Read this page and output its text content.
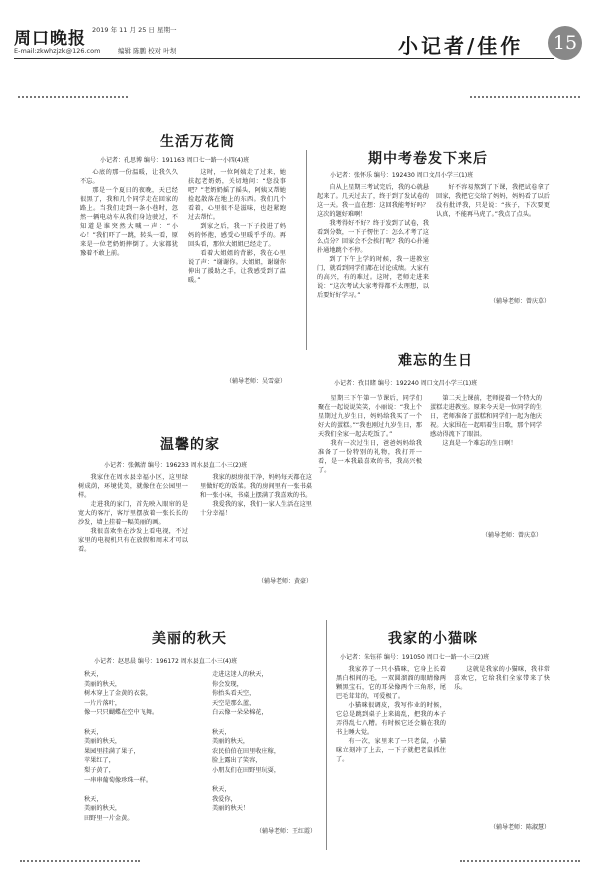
周口晚报 2019 年 11 月 25 日 星期一
E-mail:zkwhzjzk@126.com	编辑 陈鹏 校对 叶坝	小记者/佳作 15
生活万花筒
小记者：孔思博 编号：191163 周口七一路一小四(4)班

心底的那一份温暖，让我久久不忘。

那是一个夏日的夜晚，天已经很黑了，我和几个同学走在回家的路上。当我们走到一条小巷时，忽然一辆电动车从我们身边驶过，不知道是谁突然大喊一声：“小心！”我们吓了一跳，转头一看，原来是一位老奶奶摔倒了。大家都犹豫着不敢上前。

这时，一位阿姨走了过来，她扶起老奶奶，关切地问：“您没事吧？”老奶奶摇了摇头，阿姨又帮她捡起散落在地上的东西。我们几个看着，心里很不是滋味，也赶紧跑过去帮忙。

到家之后，我一下子投进了妈妈的怀抱，感受心里暖乎乎的。再回头看，那位大姐姐已经走了。

看着大姐姐的背影，我在心里说了声：“谢谢你。大姐姐，谢谢你伸出了援助之手，让我感受到了温暖。”

（辅导老师：吴雪豪）
期中考卷发下来后
小记者：张怀乐 编号：192430 周口文昌小学三(1)班

自从上星期三考试完后，我的心就悬起来了。几天过去了，终于到了发试卷的这一天。我一直在想：这回我能考好吗？这次的题好难啊！

我考得好不好？终于发到了试卷，我看到分数，一下子愣住了：怎么才考了这么点分？回家会不会挨打呢？我的心扑通扑通地跳个不停。

到了下午上学的时候，我一进教室门，就看到同学们都在讨论成绩。大家有的高兴，有的难过。这时，老师走进来说：“这次考试大家考得都不太理想，以后要好好学习。”

好不容易熬到了下课，我把试卷拿了回家，我把它交给了妈妈，妈妈看了以后没有批评我，只是说：“孩子，下次要更认真，不能再马虎了。”我点了点头。

（辅导老师：曾庆草）
难忘的生日
小记者：孜目睹 编号：192240 周口文昌小学三(1)班

星期三下午第一节课后，同学们聚在一起说说笑笑，小丽说：“我上个星期过九岁生日，妈妈给我买了一个好大的蛋糕。”“我也刚过九岁生日，那天我们全家一起去吃饭了。”

我有一次过生日，爸爸妈妈给我准备了一份特别的礼物，我打开一看，是一本我最喜欢的书，我高兴极了。

第二天上课前，老师提着一个特大的蛋糕走进教室。原来今天是一位同学的生日，老师准备了蛋糕和同学们一起为他庆祝。大家围在一起唱着生日歌，那个同学感动得流下了眼泪。

这真是一个难忘的生日啊！

（辅导老师：曾庆草）
温馨的家
小记者：张佩清 编号：196233 周水县直二小三(2)班

我家住在周水县幸福小区，这里绿树成荫，环境优美，就像住在公园里一样。

走进我的家门，首先映入眼帘的是宽大的客厅，客厅里摆放着一张长长的沙发，墙上挂着一幅美丽的画。

我很喜欢坐在沙发上看电视，不过家里的电视机只有在放假和周末才可以看。

我家的厨房很干净，妈妈每天都在这里做好吃的饭菜。我的房间里有一张书桌和一张小床，书桌上摆满了我喜欢的书。

我爱我的家，我们一家人生活在这里十分幸福！

（辅导老师：黄豪）
美丽的秋天
小记者：赵思晨 编号：196172 周水县直二小三(4)班
秋天，
美丽的秋天，
树木穿上了金黄的衣裳，
一片片落叶，
像一只只蝴蝶在空中飞舞。

秋天，
美丽的秋天，
果园里挂满了果子，
苹果红了，
梨子黄了，
一串串葡萄像珍珠一样。

秋天，
美丽的秋天，
田野里一片金黄。
走进这迷人的秋天，
你会发现，
你抬头看天空，
天空是那么蓝，
白云像一朵朵棉花，

秋天，
美丽的秋天，
农民伯伯在田里收庄稼，
脸上露出了笑容，
小朋友们在田野里玩耍，

秋天，
我爱你，
美丽的秋天！
（辅导老师：王红霞）
我家的小猫咪
小记者：朱钰祥 编号：191050 周口七一路一小三(2)班

我家养了一只小猫咪，它身上长着黑白相间的毛，一双圆溜溜的眼睛像两颗黑宝石，它的耳朵像两个三角形，尾巴毛茸茸的，可爱极了。

小猫咪很调皮，我写作业的时候，它总是跳到桌子上来捣乱，把我的本子弄得乱七八糟。有时候它还会躺在我的书上睡大觉。

有一次，家里来了一只老鼠，小猫咪立刻冲了上去，一下子就把老鼠抓住了。

这就是我家的小猫咪，我非常喜欢它，它给我们全家带来了快乐。

（辅导老师：陈淑慧）
